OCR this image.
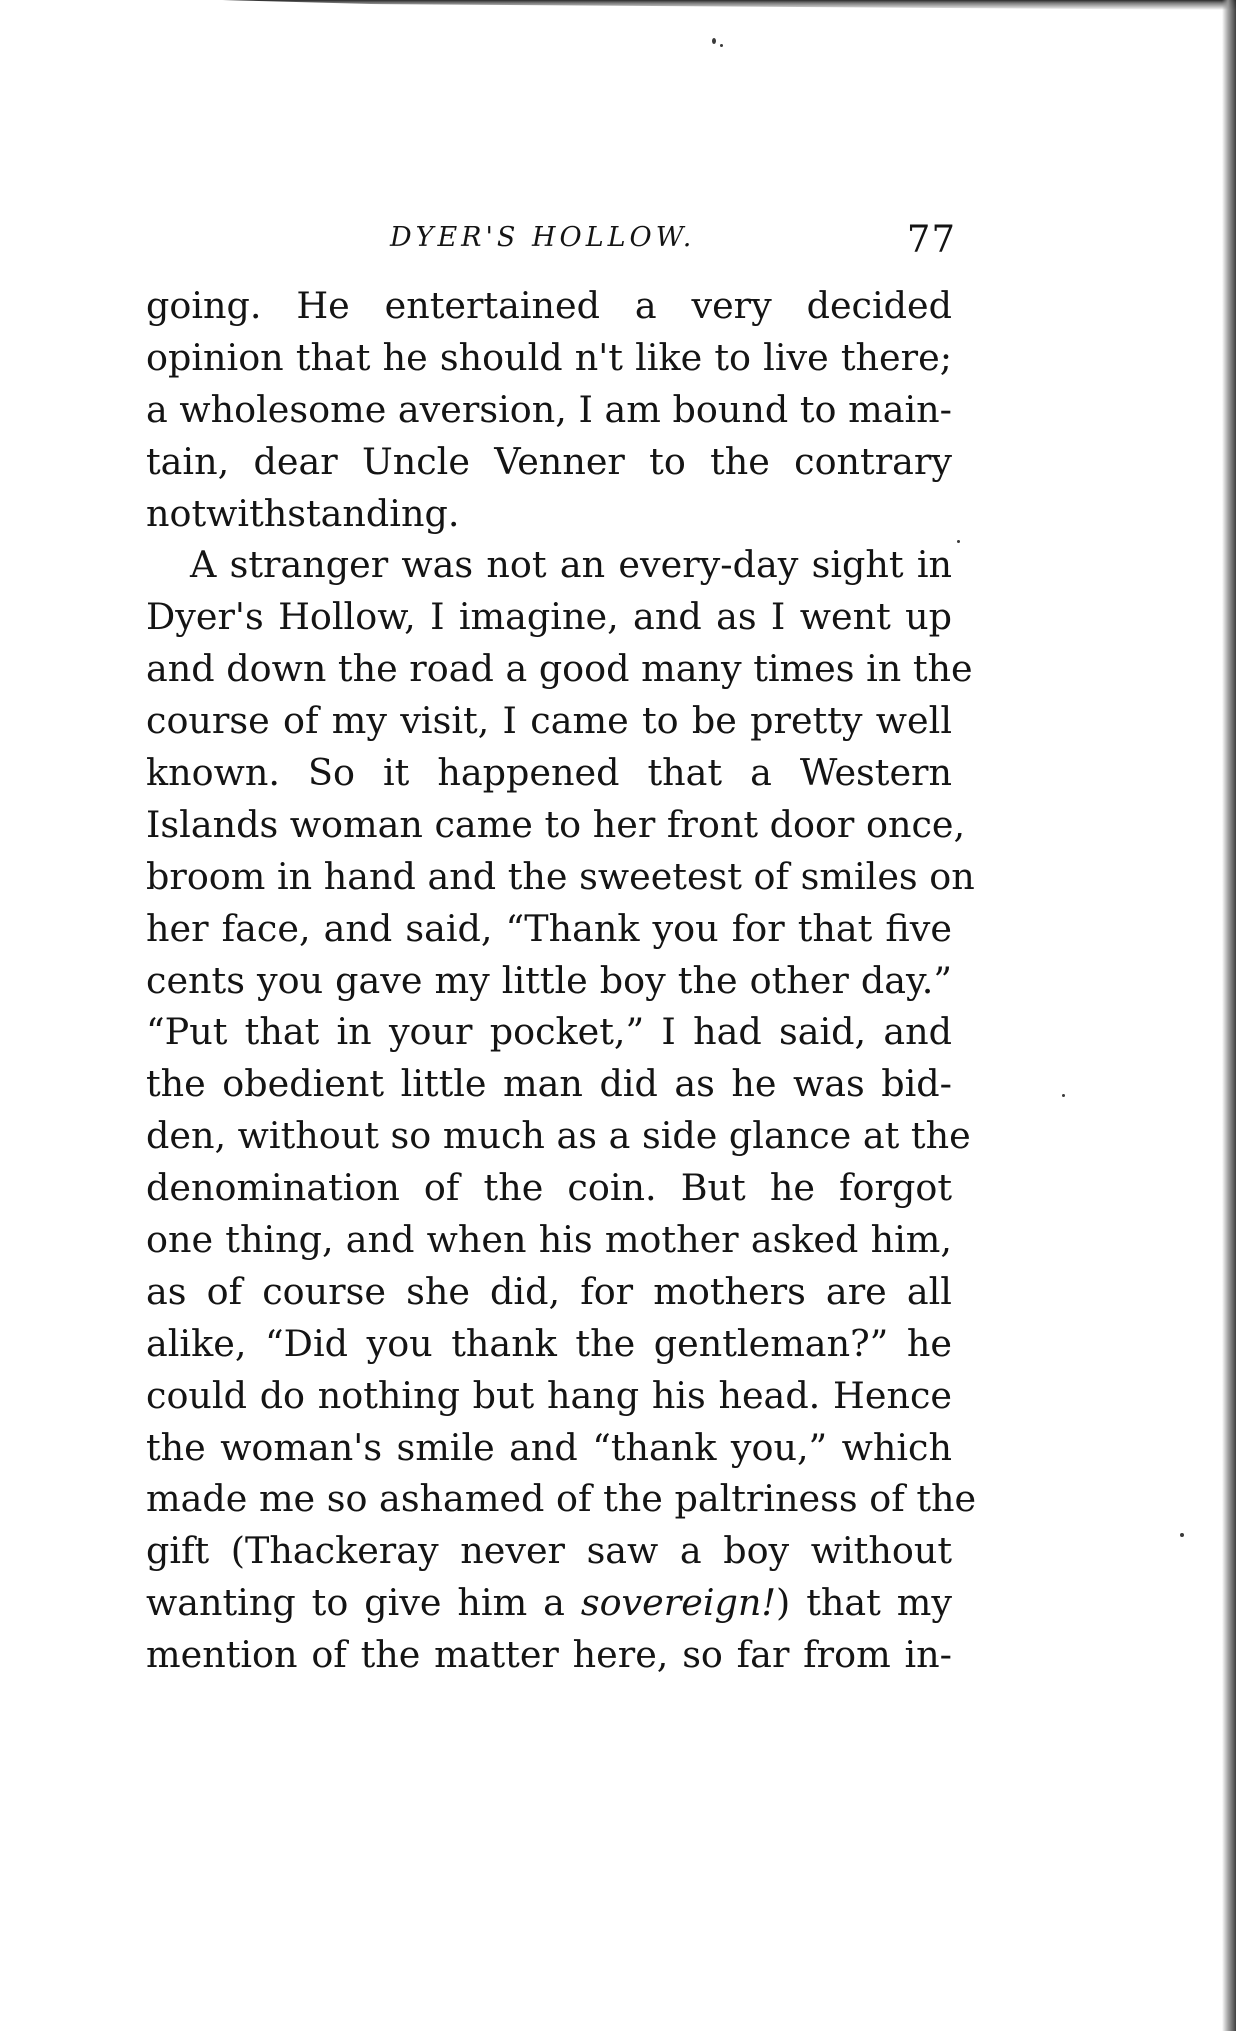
DYER'S HOLLOW.	77
going. He entertained a very decided
opinion that he should n't like to live there;
a wholesome aversion, I am bound to main-
tain, dear Uncle Venner to the contrary
notwithstanding.
A stranger was not an every-day sight in
Dyer's Hollow, I imagine, and as I went up
and down the road a good many times in the
course of my visit, I came to be pretty well
known. So it happened that a Western
Islands woman came to her front door once,
broom in hand and the sweetest of smiles on
her face, and said, “Thank you for that five
cents you gave my little boy the other day.”
“Put that in your pocket,” I had said, and
the obedient little man did as he was bid-
den, without so much as a side glance at the
denomination of the coin. But he forgot
one thing, and when his mother asked him,
as of course she did, for mothers are all
alike, “Did you thank the gentleman?” he
could do nothing but hang his head. Hence
the woman's smile and “thank you,” which
made me so ashamed of the paltriness of the
gift (Thackeray never saw a boy without
wanting to give him a sovereign!) that my
mention of the matter here, so far from in-
